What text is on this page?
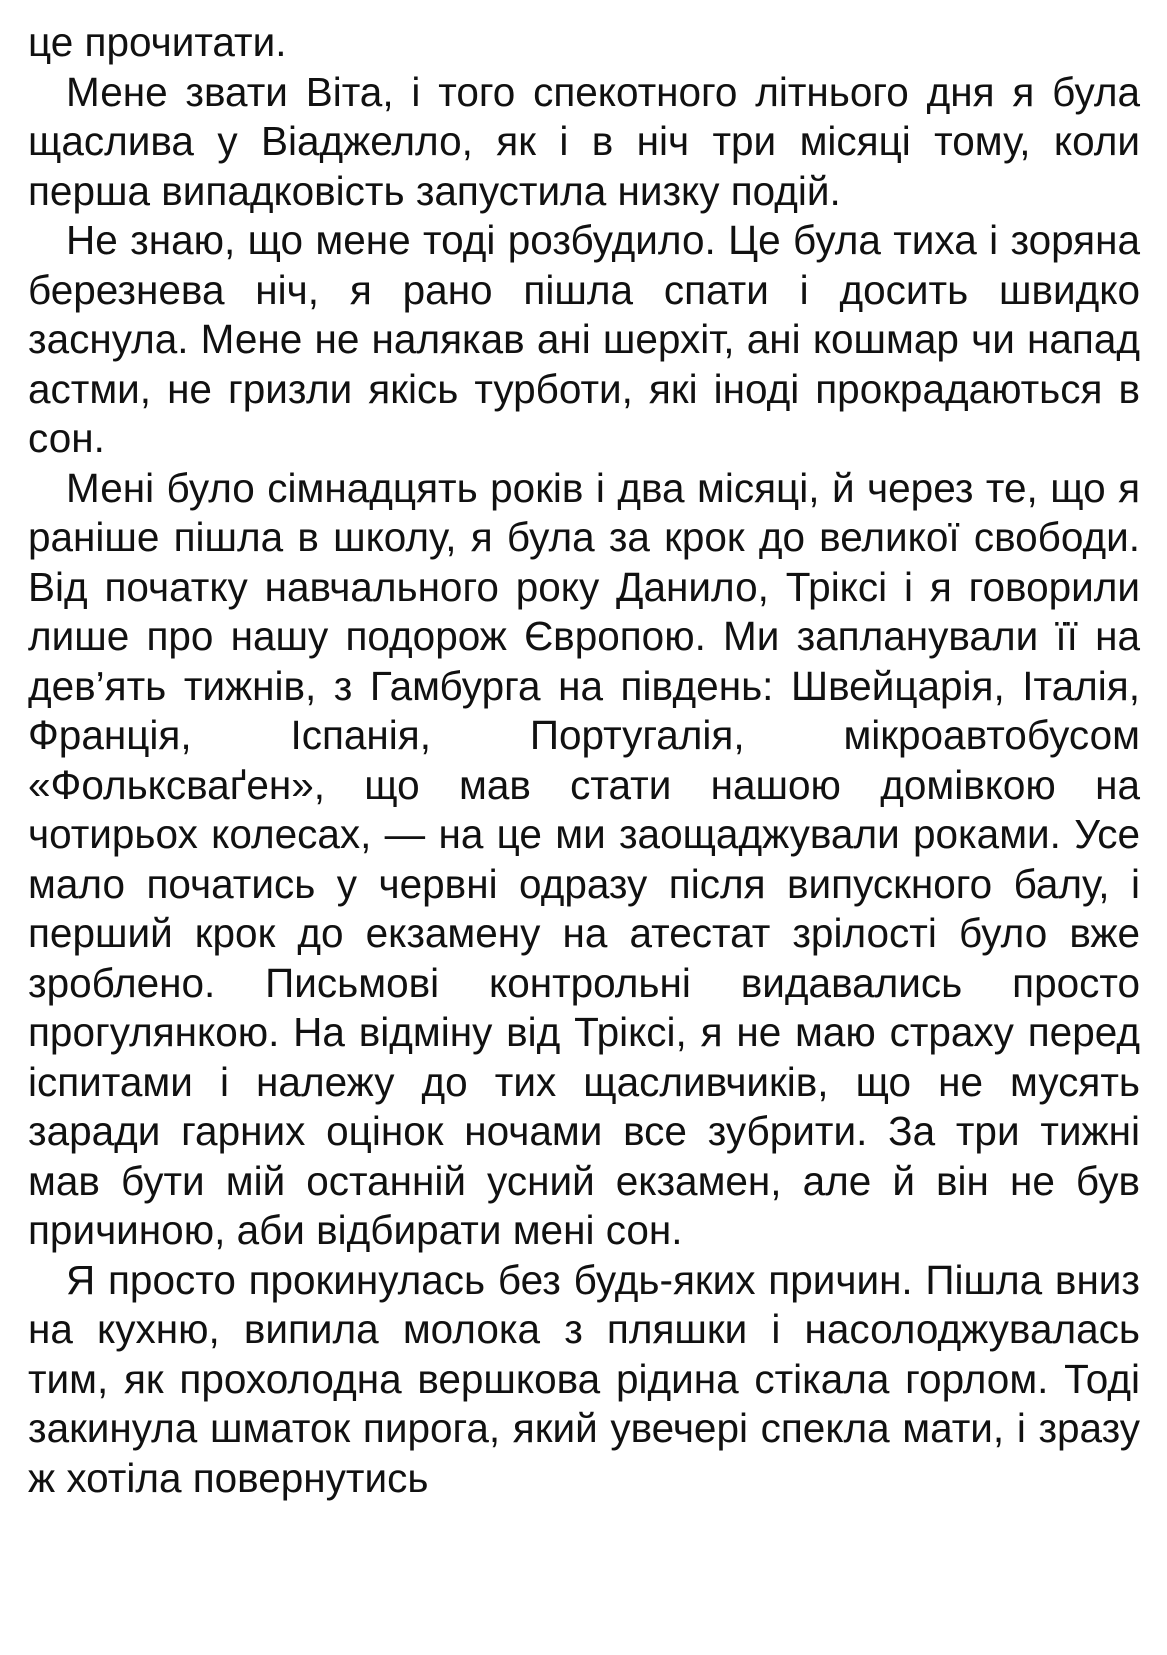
це прочитати.

Мене звати Віта, і того спекотного літнього дня я була щаслива у Віаджелло, як і в ніч три місяці тому, коли перша випадковість запустила низку подій.

Не знаю, що мене тоді розбудило. Це була тиха і зоряна березнева ніч, я рано пішла спати і досить швидко заснула. Мене не налякав ані шерхіт, ані кошмар чи напад астми, не гризли якісь турботи, які іноді прокрадаються в сон.

Мені було сімнадцять років і два місяці, й через те, що я раніше пішла в школу, я була за крок до великої свободи. Від початку навчального року Данило, Тріксі і я говорили лише про нашу подорож Європою. Ми запланували її на дев’ять тижнів, з Гамбурга на південь: Швейцарія, Італія, Франція, Іспанія, Португалія, мікроавтобусом «Фольксваґен», що мав стати нашою домівкою на чотирьох колесах, — на це ми заощаджували роками. Усе мало початись у червні одразу після випускного балу, і перший крок до екзамену на атестат зрілості було вже зроблено. Письмові контрольні видавались просто прогулянкою. На відміну від Тріксі, я не маю страху перед іспитами і належу до тих щасливчиків, що не мусять заради гарних оцінок ночами все зубрити. За три тижні мав бути мій останній усний екзамен, але й він не був причиною, аби відбирати мені сон.

Я просто прокинулась без будь-яких причин. Пішла вниз на кухню, випила молока з пляшки і насолоджувалась тим, як прохолодна вершкова рідина стікала горлом. Тоді закинула шматок пирога, який увечері спекла мати, і зразу ж хотіла повернутись
